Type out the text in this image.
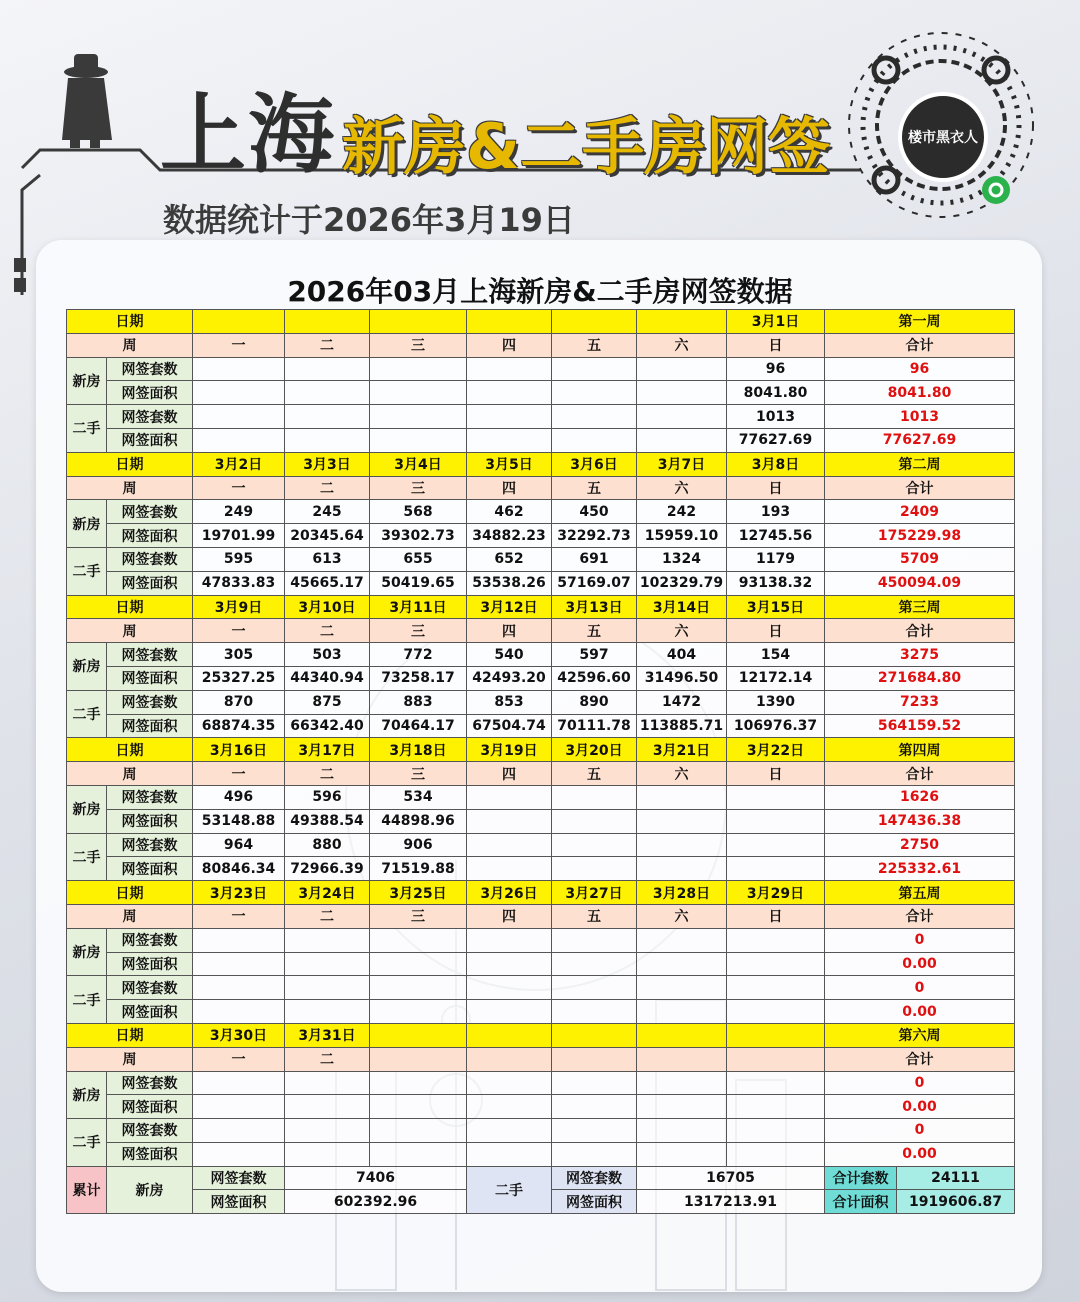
上海 新房&二手房网签
数据统计于2026年3月19日
楼市黑衣人
2026年03月上海新房&二手房网签数据
日期								3月1日	第一周
周		一	二	三	四	五	六	日	合计
新房	网签套数							96	96
	网签面积							8041.80	8041.80
二手	网签套数							1013	1013
	网签面积							77627.69	77627.69
日期		3月2日	3月3日	3月4日	3月5日	3月6日	3月7日	3月8日	第二周
周		一	二	三	四	五	六	日	合计
新房	网签套数	249	245	568	462	450	242	193	2409
	网签面积	19701.99	20345.64	39302.73	34882.23	32292.73	15959.10	12745.56	175229.98
二手	网签套数	595	613	655	652	691	1324	1179	5709
	网签面积	47833.83	45665.17	50419.65	53538.26	57169.07	102329.79	93138.32	450094.09
日期		3月9日	3月10日	3月11日	3月12日	3月13日	3月14日	3月15日	第三周
周		一	二	三	四	五	六	日	合计
新房	网签套数	305	503	772	540	597	404	154	3275
	网签面积	25327.25	44340.94	73258.17	42493.20	42596.60	31496.50	12172.14	271684.80
二手	网签套数	870	875	883	853	890	1472	1390	7233
	网签面积	68874.35	66342.40	70464.17	67504.74	70111.78	113885.71	106976.37	564159.52
日期		3月16日	3月17日	3月18日	3月19日	3月20日	3月21日	3月22日	第四周
周		一	二	三	四	五	六	日	合计
新房	网签套数	496	596	534					1626
	网签面积	53148.88	49388.54	44898.96					147436.38
二手	网签套数	964	880	906					2750
	网签面积	80846.34	72966.39	71519.88					225332.61
日期		3月23日	3月24日	3月25日	3月26日	3月27日	3月28日	3月29日	第五周
周		一	二	三	四	五	六	日	合计
新房	网签套数								0
	网签面积								0.00
二手	网签套数								0
	网签面积								0.00
日期		3月30日	3月31日						第六周
周		一	二						合计
新房	网签套数								0
	网签面积								0.00
二手	网签套数								0
	网签面积								0.00
累计	新房	网签套数	7406		二手	网签套数	16705		合计套数 24111

		网签面积	602392.96			网签面积	1317213.91		合计面积 1919606.87
